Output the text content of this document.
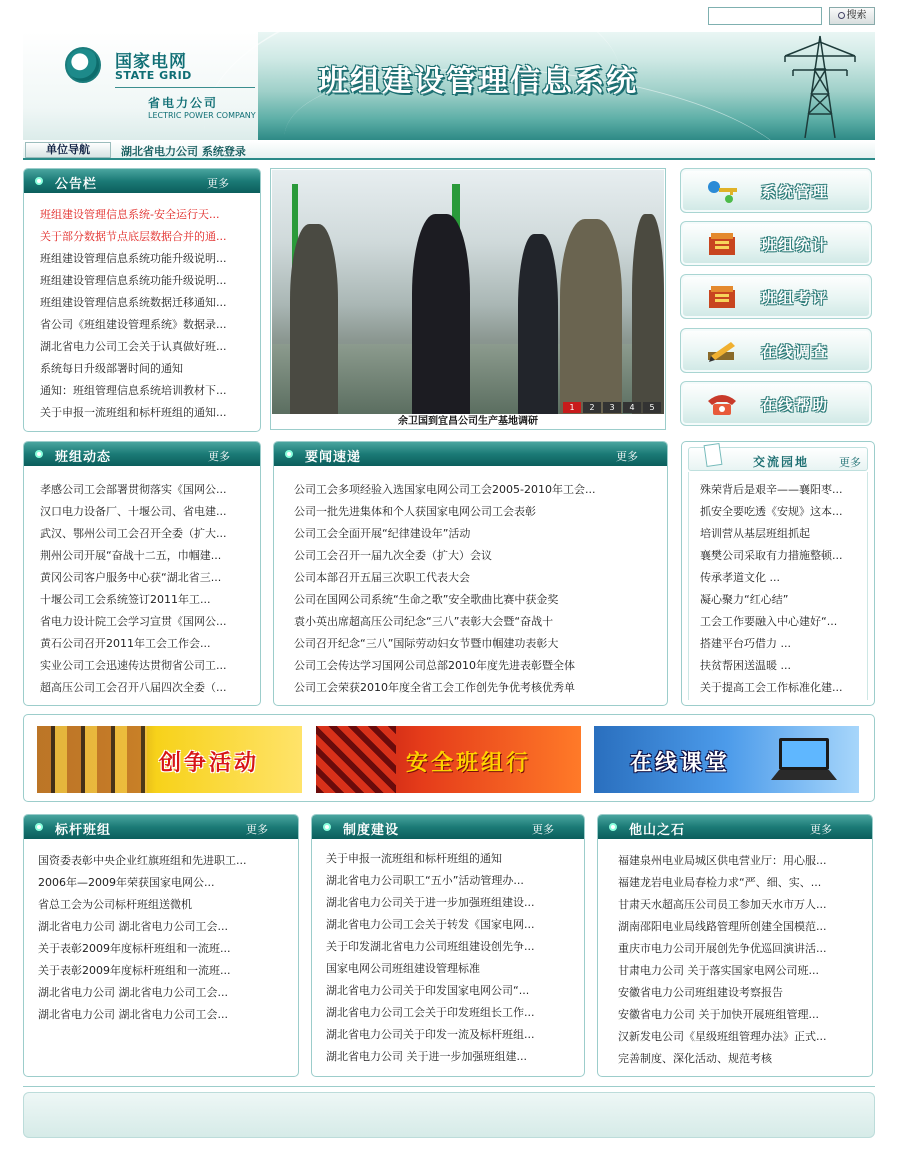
搜索
国家电网
STATE GRID
省电力公司
LECTRIC POWER COMPANY
班组建设管理信息系统
单位导航	湖北省电力公司 系统登录
公告栏	更多
班组建设管理信息系统-安全运行天...
关于部分数据节点底层数据合并的通...
班组建设管理信息系统功能升级说明...
班组建设管理信息系统功能升级说明...
班组建设管理信息系统数据迁移通知...
省公司《班组建设管理系统》数据录...
湖北省电力公司工会关于认真做好班...
系统每日升级部署时间的通知
通知：班组管理信息系统培训教材下...
关于申报一流班组和标杆班组的通知...	1	2	3	4	5
余卫国到宜昌公司生产基地调研
系统管理
班组统计
班组考评
在线调查
在线帮助
班组动态	更多
孝感公司工会部署贯彻落实《国网公...
汉口电力设备厂、十堰公司、省电建...
武汉、鄂州公司工会召开全委（扩大...
荆州公司开展“奋战十二五，巾帼建...
黄冈公司客户服务中心获“湖北省三...
十堰公司工会系统签订2011年工...
省电力设计院工会学习宣贯《国网公...
黄石公司召开2011年工会工作会...
实业公司工会迅速传达贯彻省公司工...
超高压公司工会召开八届四次全委（...
要闻速递	更多
公司工会多项经验入选国家电网公司工会2005-2010年工会...
公司一批先进集体和个人获国家电网公司工会表彰
公司工会全面开展“纪律建设年”活动
公司工会召开一届九次全委（扩大）会议
公司本部召开五届三次职工代表大会
公司在国网公司系统“生命之歌”安全歌曲比赛中获金奖
袁小英出席超高压公司纪念“三八”表彰大会暨“奋战十
公司召开纪念“三八”国际劳动妇女节暨巾帼建功表彰大
公司工会传达学习国网公司总部2010年度先进表彰暨全体
公司工会荣获2010年度全省工会工作创先争优考核优秀单
交流园地	更多
殊荣背后是艰辛——襄阳枣...
抓安全要吃透《安规》这本...
培训营从基层班组抓起
襄樊公司采取有力措施整顿...
传承孝道文化 ...
凝心聚力“红心结”
工会工作要融入中心建好“...
搭建平台巧借力 ...
扶贫帮困送温暖 ...
关于提高工会工作标准化建...
创争活动	安全班组行	在线课堂
标杆班组	更多
国资委表彰中央企业红旗班组和先进职工...
2006年—2009年荣获国家电网公...
省总工会为公司标杆班组送微机
湖北省电力公司 湖北省电力公司工会...
关于表彰2009年度标杆班组和一流班...
关于表彰2009年度标杆班组和一流班...
湖北省电力公司 湖北省电力公司工会...
湖北省电力公司 湖北省电力公司工会...
制度建设	更多
关于申报一流班组和标杆班组的通知
湖北省电力公司职工“五小”活动管理办...
湖北省电力公司关于进一步加强班组建设...
湖北省电力公司工会关于转发《国家电网...
关于印发湖北省电力公司班组建设创先争...
国家电网公司班组建设管理标准
湖北省电力公司关于印发国家电网公司“...
湖北省电力公司工会关于印发班组长工作...
湖北省电力公司关于印发一流及标杆班组...
湖北省电力公司 关于进一步加强班组建...
他山之石	更多
福建泉州电业局城区供电营业厅：用心服...
福建龙岩电业局春检力求“严、细、实、...
甘肃天水超高压公司员工参加天水市万人...
湖南邵阳电业局线路管理所创建全国模范...
重庆市电力公司开展创先争优巡回演讲活...
甘肃电力公司 关于落实国家电网公司班...
安徽省电力公司班组建设考察报告
安徽省电力公司 关于加快开展班组管理...
汉新发电公司《星级班组管理办法》正式...
完善制度、深化活动、规范考核
